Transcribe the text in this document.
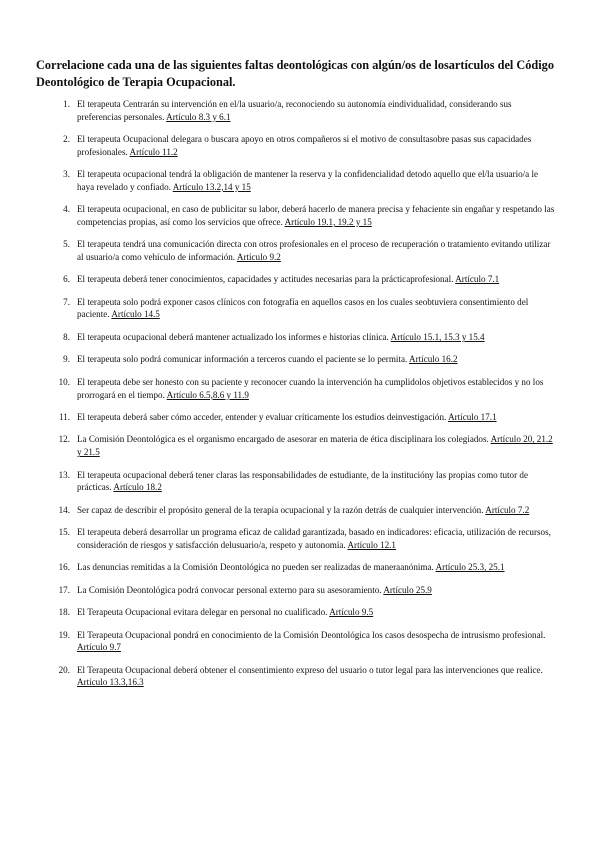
Correlacione cada una de las siguientes faltas deontológicas con algún/os de losartículos del Código Deontológico de Terapia Ocupacional.
1. El terapeuta Centrarán su intervención en el/la usuario/a, reconociendo su autonomía eindividualidad, considerando sus preferencias personales. Artículo 8.3 y 6.1
2. El terapeuta Ocupacional delegara o buscara apoyo en otros compañeros si el motivo de consultasobre pasas sus capacidades profesionales. Artículo 11.2
3. El terapeuta ocupacional tendrá la obligación de mantener la reserva y la confidencialidad detodo aquello que el/la usuario/a le haya revelado y confiado. Artículo 13.2,14 y 15
4. El terapeuta ocupacional, en caso de publicitar su labor, deberá hacerlo de manera precisa y fehaciente sin engañar y respetando las competencias propias, así como los servicios que ofrece. Artículo 19.1, 19.2 y 15
5. El terapeuta tendrá una comunicación directa con otros profesionales en el proceso de recuperación o tratamiento evitando utilizar al usuario/a como vehículo de información. Artículo 9.2
6. El terapeuta deberá tener conocimientos, capacidades y actitudes necesarias para la prácticaprofesional. Artículo 7.1
7. El terapeuta solo podrá exponer casos clínicos con fotografía en aquellos casos en los cuales seobtuviera consentimiento del paciente. Artículo 14.5
8. El terapeuta ocupacional deberá mantener actualizado los informes e historias clínica. Artículo 15.1, 15.3 y 15.4
9. El terapeuta solo podrá comunicar información a terceros cuando el paciente se lo permita. Artículo 16.2
10. El terapeuta debe ser honesto con su paciente y reconocer cuando la intervención ha cumplidolos objetivos establecidos y no los prorrogará en el tiempo. Artículo 6.5,8.6 y 11.9
11. El terapeuta deberá saber cómo acceder, entender y evaluar críticamente los estudios deinvestigación. Artículo 17.1
12. La Comisión Deontológica es el organismo encargado de asesorar en materia de ética disciplinara los colegiados. Artículo 20, 21.2 y 21.5
13. El terapeuta ocupacional deberá tener claras las responsabilidades de estudiante, de la institucióny las propias como tutor de prácticas. Artículo 18.2
14. Ser capaz de describir el propósito general de la terapia ocupacional y la razón detrás de cualquier intervención. Artículo 7.2
15. El terapeuta deberá desarrollar un programa eficaz de calidad garantizada, basado en indicadores: eficacia, utilización de recursos, consideración de riesgos y satisfacción delusuario/a, respeto y autonomía. Artículo 12.1
16. Las denuncias remitidas a la Comisión Deontológica no pueden ser realizadas de maneraanónima. Artículo 25.3, 25.1
17. La Comisión Deontológica podrá convocar personal externo para su asesoramiento. Artículo 25.9
18. El Terapeuta Ocupacional evitara delegar en personal no cualificado. Artículo 9.5
19. El Terapeuta Ocupacional pondrá en conocimiento de la Comisión Deontológica los casos desospecha de intrusismo profesional. Artículo 9.7
20. El Terapeuta Ocupacional deberá obtener el consentimiento expreso del usuario o tutor legal para las intervenciones que realice. Artículo 13.3,16.3
